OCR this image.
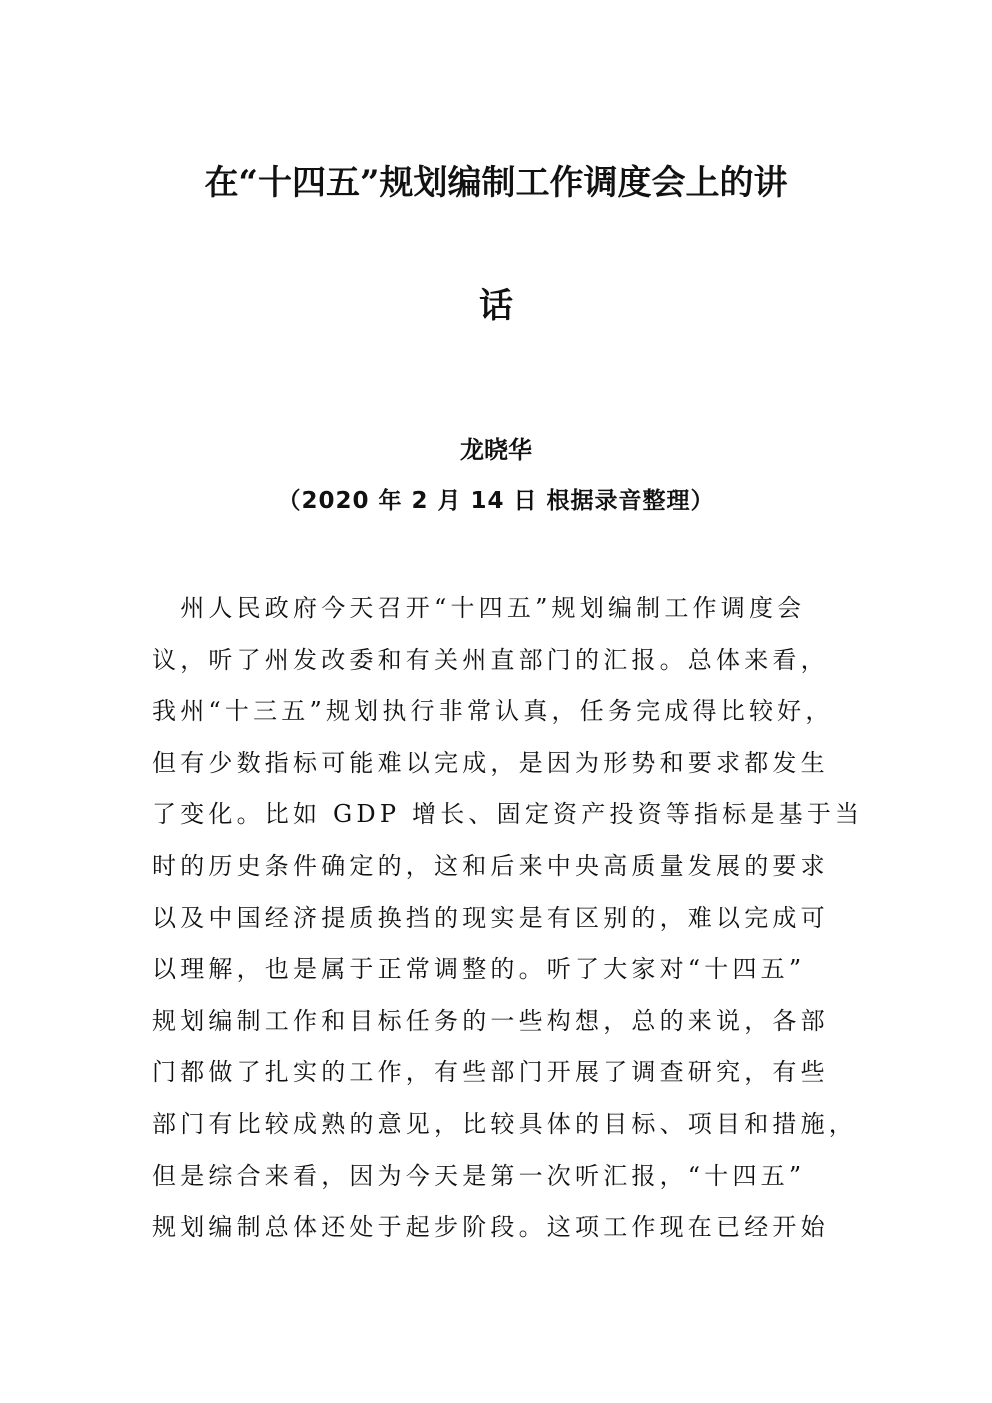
在“十四五”规划编制工作调度会上的讲
话
龙晓华
（2020 年 2 月 14 日 根据录音整理）
　州人民政府今天召开“十四五”规划编制工作调度会
议，听了州发改委和有关州直部门的汇报。总体来看，
我州“十三五”规划执行非常认真，任务完成得比较好，
但有少数指标可能难以完成，是因为形势和要求都发生
了变化。比如 GDP 增长、固定资产投资等指标是基于当
时的历史条件确定的，这和后来中央高质量发展的要求
以及中国经济提质换挡的现实是有区别的，难以完成可
以理解，也是属于正常调整的。听了大家对“十四五”
规划编制工作和目标任务的一些构想，总的来说，各部
门都做了扎实的工作，有些部门开展了调查研究，有些
部门有比较成熟的意见，比较具体的目标、项目和措施，
但是综合来看，因为今天是第一次听汇报，“十四五”
规划编制总体还处于起步阶段。这项工作现在已经开始
